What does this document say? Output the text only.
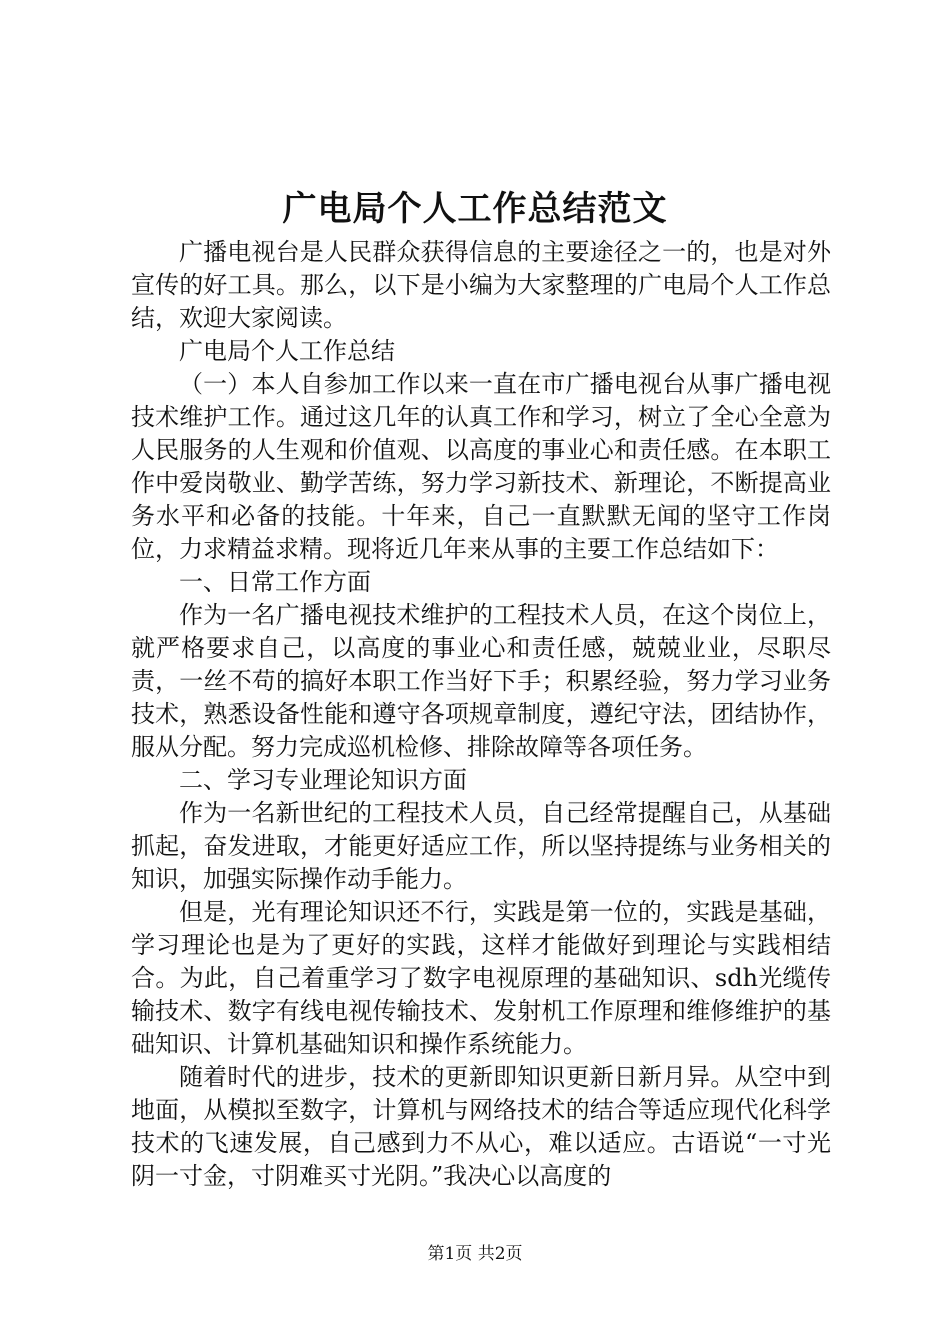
广电局个人工作总结范文

广播电视台是人民群众获得信息的主要途径之一的，也是对外宣传的好工具。那么，以下是小编为大家整理的广电局个人工作总结，欢迎大家阅读。

广电局个人工作总结

（一）本人自参加工作以来一直在市广播电视台从事广播电视技术维护工作。通过这几年的认真工作和学习，树立了全心全意为人民服务的人生观和价值观、以高度的事业心和责任感。在本职工作中爱岗敬业、勤学苦练，努力学习新技术、新理论，不断提高业务水平和必备的技能。十年来，自己一直默默无闻的坚守工作岗位，力求精益求精。现将近几年来从事的主要工作总结如下：

一、日常工作方面

作为一名广播电视技术维护的工程技术人员，在这个岗位上，就严格要求自己，以高度的事业心和责任感，兢兢业业，尽职尽责，一丝不苟的搞好本职工作当好下手；积累经验，努力学习业务技术，熟悉设备性能和遵守各项规章制度，遵纪守法，团结协作，服从分配。努力完成巡机检修、排除故障等各项任务。

二、学习专业理论知识方面

作为一名新世纪的工程技术人员，自己经常提醒自己，从基础抓起，奋发进取，才能更好适应工作，所以坚持提练与业务相关的知识，加强实际操作动手能力。

但是，光有理论知识还不行，实践是第一位的，实践是基础，学习理论也是为了更好的实践，这样才能做好到理论与实践相结合。为此，自己着重学习了数字电视原理的基础知识、sdh光缆传输技术、数字有线电视传输技术、发射机工作原理和维修维护的基础知识、计算机基础知识和操作系统能力。

随着时代的进步，技术的更新即知识更新日新月异。从空中到地面，从模拟至数字，计算机与网络技术的结合等适应现代化科学技术的飞速发展，自己感到力不从心，难以适应。古语说“一寸光阴一寸金，寸阴难买寸光阴。”我决心以高度的

第1页 共2页
